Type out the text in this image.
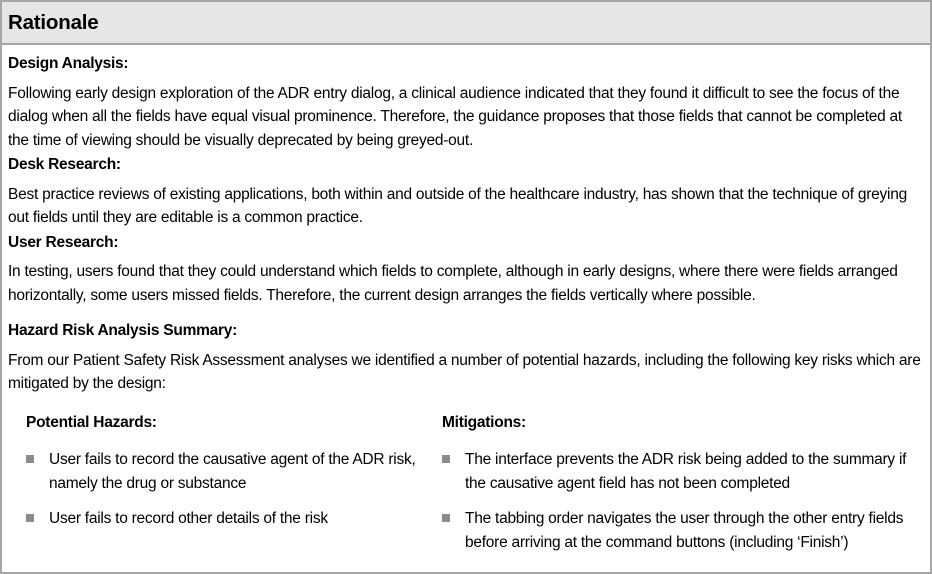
Rationale
Design Analysis:

Following early design exploration of the ADR entry dialog, a clinical audience indicated that they found it difficult to see the focus of the dialog when all the fields have equal visual prominence. Therefore, the guidance proposes that those fields that cannot be completed at the time of viewing should be visually deprecated by being greyed-out.

Desk Research:

Best practice reviews of existing applications, both within and outside of the healthcare industry, has shown that the technique of greying out fields until they are editable is a common practice.

User Research:

In testing, users found that they could understand which fields to complete, although in early designs, where there were fields arranged horizontally, some users missed fields. Therefore, the current design arranges the fields vertically where possible.

Hazard Risk Analysis Summary:

From our Patient Safety Risk Assessment analyses we identified a number of potential hazards, including the following key risks which are mitigated by the design:

Potential Hazards:
User fails to record the causative agent of the ADR risk, namely the drug or substance
User fails to record other details of the risk
Mitigations:
The interface prevents the ADR risk being added to the summary if the causative agent field has not been completed
The tabbing order navigates the user through the other entry fields before arriving at the command buttons (including ‘Finish’)
